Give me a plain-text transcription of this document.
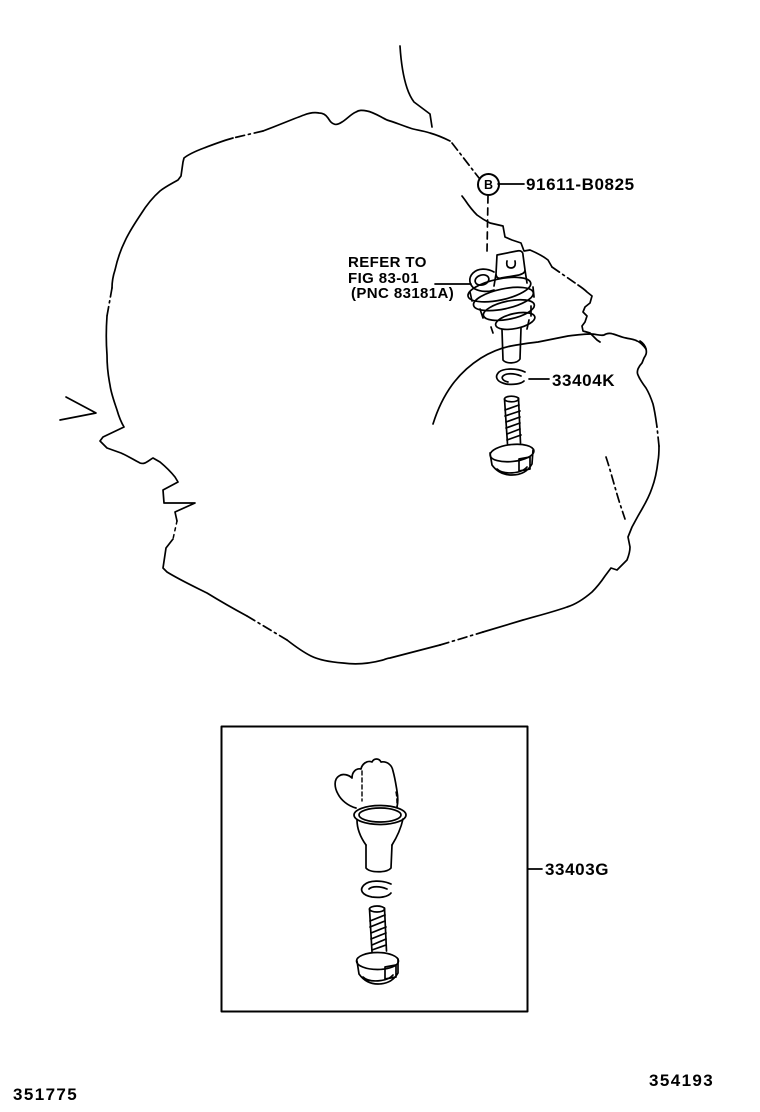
B 91611-B0825
REFER TO
FIG 83-01
(PNC 83181A)
33404K
33403G
351775
354193
